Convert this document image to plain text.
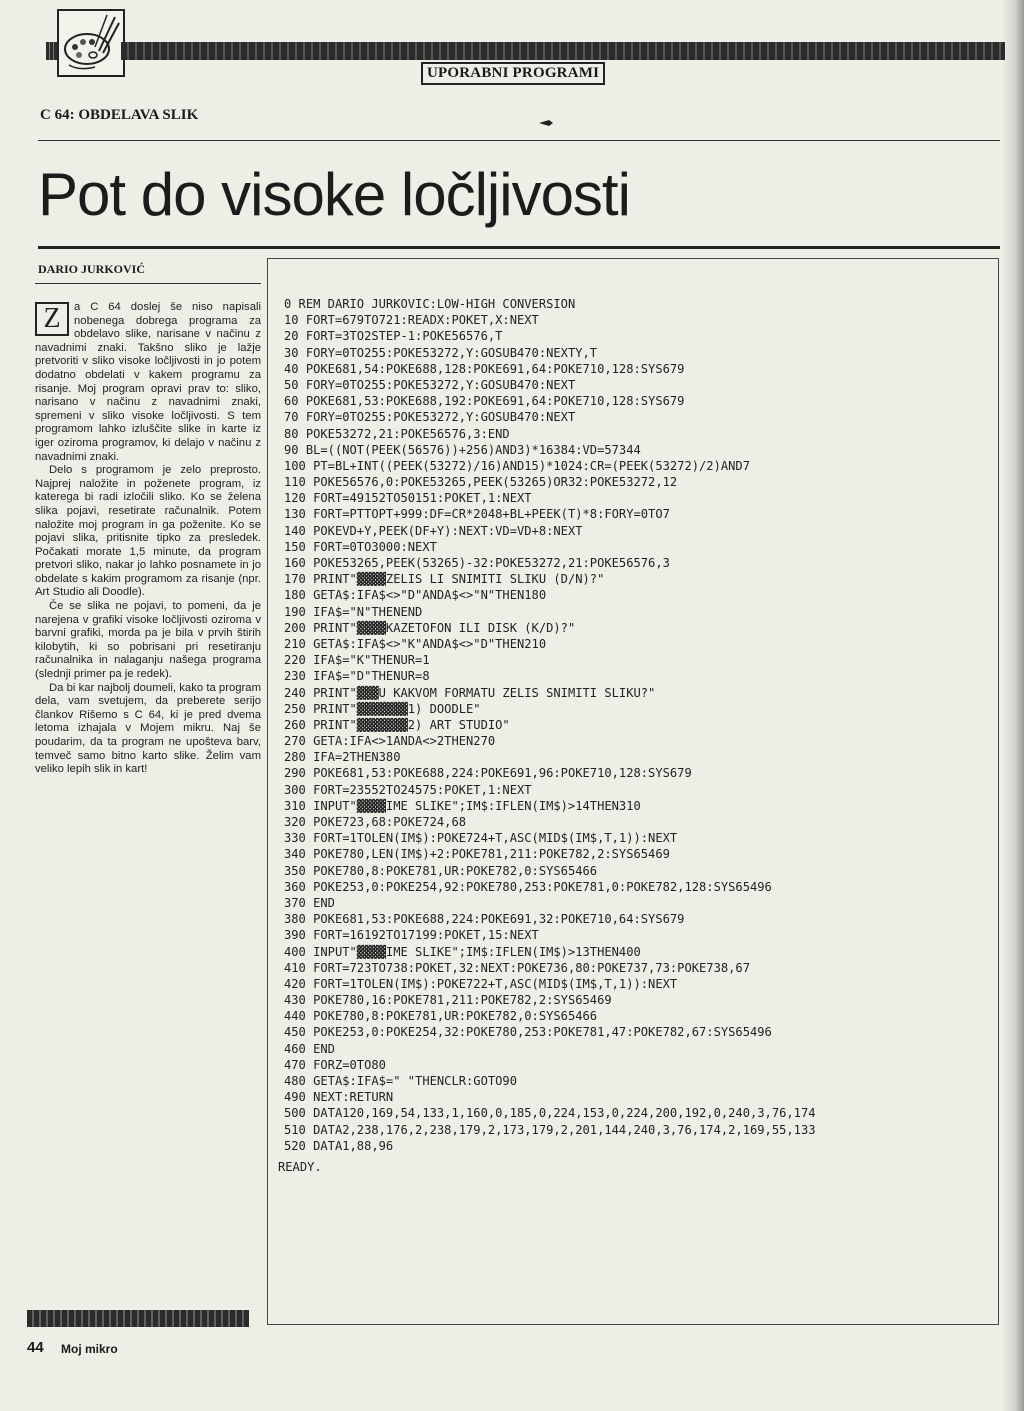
UPORABNI PROGRAMI
C 64: OBDELAVA SLIK
Pot do visoke ločljivosti
DARIO JURKOVIĆ

Z	a C 64 doslej še niso napisali nobenega dobrega programa za obdelavo slike, narisane v načinu z navadnimi znaki. Takšno sliko je lažje pretvoriti v sliko visoke ločljivosti in jo potem dodatno obdelati v kakem programu za risanje. Moj program opravi prav to: sliko, narisano v načinu z navadnimi znaki, spremeni v sliko visoke ločljivosti. S tem programom lahko izluščite slike in karte iz iger oziroma programov, ki delajo v načinu z navadnimi znaki.

Delo s programom je zelo preprosto. Najprej naložite in poženete program, iz katerega bi radi izločili sliko. Ko se želena slika pojavi, resetirate računalnik. Potem naložite moj program in ga poženite. Ko se pojavi slika, pritisnite tipko za presledek. Počakati morate 1,5 minute, da program pretvori sliko, nakar jo lahko posnamete in jo obdelate s kakim programom za risanje (npr. Art Studio ali Doodle).

Če se slika ne pojavi, to pomeni, da je narejena v grafiki visoke ločljivosti oziroma v barvni grafiki, morda pa je bila v prvih štirih kilobytih, ki so pobrisani pri resetiranju računalnika in nalaganju našega programa (slednji primer pa je redek).

Da bi kar najbolj doumeli, kako ta program dela, vam svetujem, da preberete serijo člankov Rišemo s C 64, ki je pred dvema letoma izhajala v Mojem mikru. Naj še poudarim, da ta program ne upošteva barv, temveč samo bitno karto slike. Želim vam veliko lepih slik in kart!

0 REM DARIO JURKOVIC:LOW-HIGH CONVERSION
10 FORT=679TO721:READX:POKET,X:NEXT
20 FORT=3TO2STEP-1:POKE56576,T
30 FORY=0TO255:POKE53272,Y:GOSUB470:NEXTY,T
40 POKE681,54:POKE688,128:POKE691,64:POKE710,128:SYS679
50 FORY=0TO255:POKE53272,Y:GOSUB470:NEXT
60 POKE681,53:POKE688,192:POKE691,64:POKE710,128:SYS679
70 FORY=0TO255:POKE53272,Y:GOSUB470:NEXT
80 POKE53272,21:POKE56576,3:END
90 BL=((NOT(PEEK(56576))+256)AND3)*16384:VD=57344
100 PT=BL+INT((PEEK(53272)/16)AND15)*1024:CR=(PEEK(53272)/2)AND7
110 POKE56576,0:POKE53265,PEEK(53265)OR32:POKE53272,12
120 FORT=49152TO50151:POKET,1:NEXT
130 FORT=PTTOPT+999:DF=CR*2048+BL+PEEK(T)*8:FORY=0TO7
140 POKEVD+Y,PEEK(DF+Y):NEXT:VD=VD+8:NEXT
150 FORT=0TO3000:NEXT
160 POKE53265,PEEK(53265)-32:POKE53272,21:POKE56576,3
170 PRINT"▓▓▓▓ZELIS LI SNIMITI SLIKU (D/N)?"
180 GETA$:IFA$<>"D"ANDA$<>"N"THEN180
190 IFA$="N"THENEND
200 PRINT"▓▓▓▓KAZETOFON ILI DISK (K/D)?"
210 GETA$:IFA$<>"K"ANDA$<>"D"THEN210
220 IFA$="K"THENUR=1
230 IFA$="D"THENUR=8
240 PRINT"▓▓▓U KAKVOM FORMATU ZELIS SNIMITI SLIKU?"
250 PRINT"▓▓▓▓▓▓▓1) DOODLE"
260 PRINT"▓▓▓▓▓▓▓2) ART STUDIO"
270 GETA:IFA<>1ANDA<>2THEN270
280 IFA=2THEN380
290 POKE681,53:POKE688,224:POKE691,96:POKE710,128:SYS679
300 FORT=23552TO24575:POKET,1:NEXT
310 INPUT"▓▓▓▓IME SLIKE";IM$:IFLEN(IM$)>14THEN310
320 POKE723,68:POKE724,68
330 FORT=1TOLEN(IM$):POKE724+T,ASC(MID$(IM$,T,1)):NEXT
340 POKE780,LEN(IM$)+2:POKE781,211:POKE782,2:SYS65469
350 POKE780,8:POKE781,UR:POKE782,0:SYS65466
360 POKE253,0:POKE254,92:POKE780,253:POKE781,0:POKE782,128:SYS65496
370 END
380 POKE681,53:POKE688,224:POKE691,32:POKE710,64:SYS679
390 FORT=16192TO17199:POKET,15:NEXT
400 INPUT"▓▓▓▓IME SLIKE";IM$:IFLEN(IM$)>13THEN400
410 FORT=723TO738:POKET,32:NEXT:POKE736,80:POKE737,73:POKE738,67
420 FORT=1TOLEN(IM$):POKE722+T,ASC(MID$(IM$,T,1)):NEXT
430 POKE780,16:POKE781,211:POKE782,2:SYS65469
440 POKE780,8:POKE781,UR:POKE782,0:SYS65466
450 POKE253,0:POKE254,32:POKE780,253:POKE781,47:POKE782,67:SYS65496
460 END
470 FORZ=0TO80
480 GETA$:IFA$=" "THENCLR:GOTO90
490 NEXT:RETURN
500 DATA120,169,54,133,1,160,0,185,0,224,153,0,224,200,192,0,240,3,76,174
510 DATA2,238,176,2,238,179,2,173,179,2,201,144,240,3,76,174,2,169,55,133
520 DATA1,88,96
READY.
44 Moj mikro
